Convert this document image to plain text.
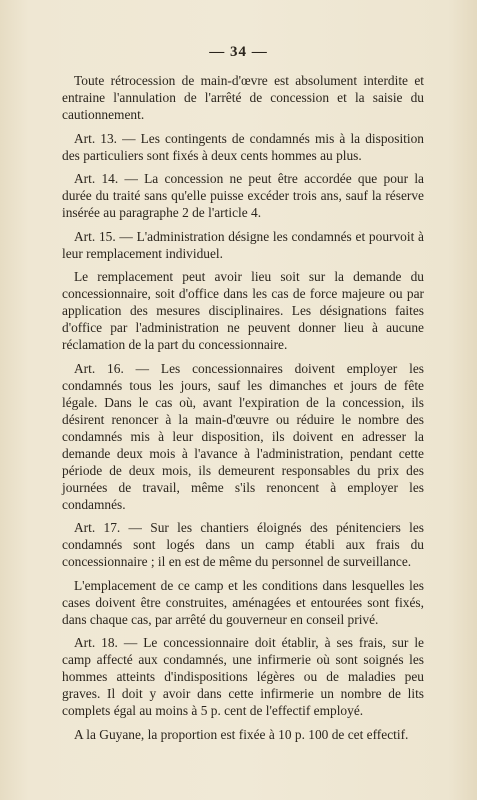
— 34 —

Toute rétrocession de main-d'œvre est absolument interdite et entraine l'annulation de l'arrêté de concession et la saisie du cautionnement.

Art. 13. — Les contingents de condamnés mis à la disposition des particuliers sont fixés à deux cents hommes au plus.

Art. 14. — La concession ne peut être accordée que pour la durée du traité sans qu'elle puisse excéder trois ans, sauf la réserve insérée au paragraphe 2 de l'article 4.

Art. 15. — L'administration désigne les condamnés et pourvoit à leur remplacement individuel.

Le remplacement peut avoir lieu soit sur la demande du concessionnaire, soit d'office dans les cas de force majeure ou par application des mesures disciplinaires. Les désignations faites d'office par l'administration ne peuvent donner lieu à aucune réclamation de la part du concessionnaire.

Art. 16. — Les concessionnaires doivent employer les condamnés tous les jours, sauf les dimanches et jours de fête légale. Dans le cas où, avant l'expiration de la concession, ils désirent renoncer à la main-d'œuvre ou réduire le nombre des condamnés mis à leur disposition, ils doivent en adresser la demande deux mois à l'avance à l'administration, pendant cette période de deux mois, ils demeurent responsables du prix des journées de travail, même s'ils renoncent à employer les condamnés.

Art. 17. — Sur les chantiers éloignés des pénitenciers les condamnés sont logés dans un camp établi aux frais du concessionnaire ; il en est de même du personnel de surveillance.

L'emplacement de ce camp et les conditions dans lesquelles les cases doivent être construites, aménagées et entourées sont fixés, dans chaque cas, par arrêté du gouverneur en conseil privé.

Art. 18. — Le concessionnaire doit établir, à ses frais, sur le camp affecté aux condamnés, une infirmerie où sont soignés les hommes atteints d'indispositions légères ou de maladies peu graves. Il doit y avoir dans cette infirmerie un nombre de lits complets égal au moins à 5 p. cent de l'effectif employé.

A la Guyane, la proportion est fixée à 10 p. 100 de cet effectif.
